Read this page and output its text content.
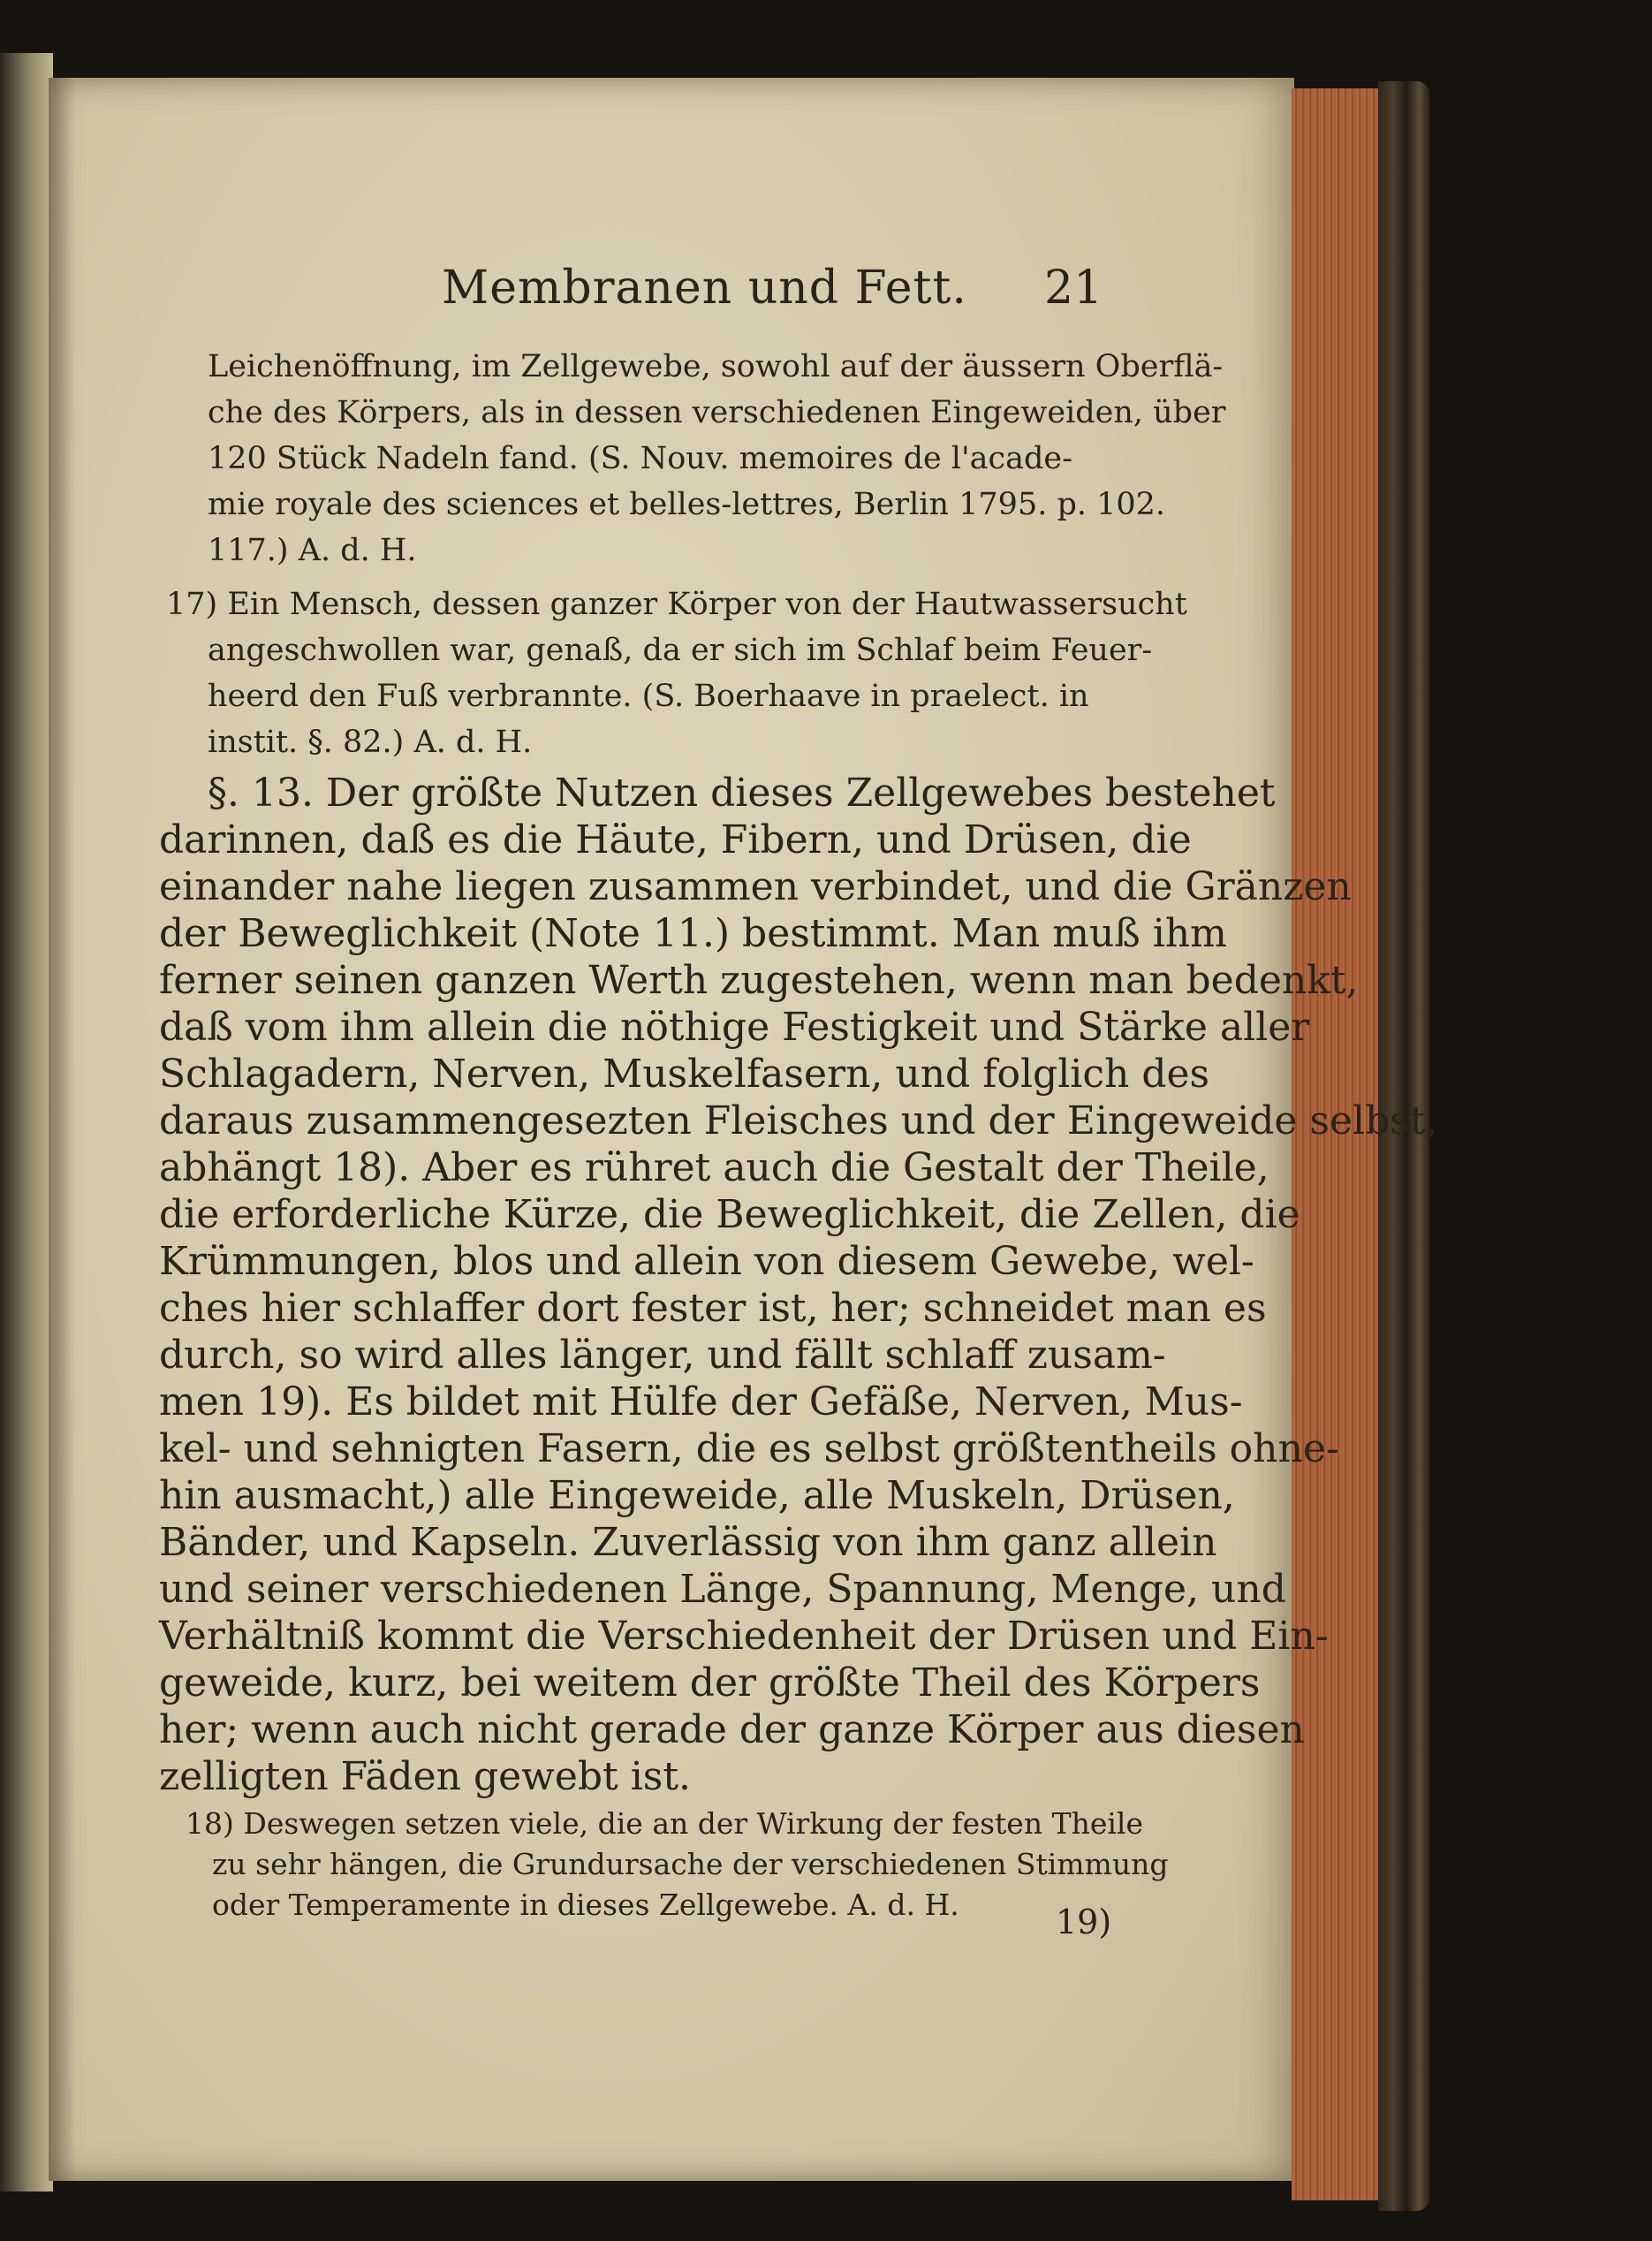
Membranen und Fett. 21
Leichenöffnung, im Zellgewebe, sowohl auf der äussern Oberflä-
che des Körpers, als in dessen verschiedenen Eingeweiden, über
120 Stück Nadeln fand. (S. Nouv. memoires de l'acade-
mie royale des sciences et belles-lettres, Berlin 1795. p. 102.
117.) A. d. H.
17) Ein Mensch, dessen ganzer Körper von der Hautwassersucht
angeschwollen war, genaß, da er sich im Schlaf beim Feuer-
heerd den Fuß verbrannte. (S. Boerhaave in praelect. in
instit. §. 82.) A. d. H.
§. 13. Der größte Nutzen dieses Zellgewebes bestehet
darinnen, daß es die Häute, Fibern, und Drüsen, die
einander nahe liegen zusammen verbindet, und die Gränzen
der Beweglichkeit (Note 11.) bestimmt. Man muß ihm
ferner seinen ganzen Werth zugestehen, wenn man bedenkt,
daß vom ihm allein die nöthige Festigkeit und Stärke aller
Schlagadern, Nerven, Muskelfasern, und folglich des
daraus zusammengesezten Fleisches und der Eingeweide selbst,
abhängt 18). Aber es rühret auch die Gestalt der Theile,
die erforderliche Kürze, die Beweglichkeit, die Zellen, die
Krümmungen, blos und allein von diesem Gewebe, wel-
ches hier schlaffer dort fester ist, her; schneidet man es
durch, so wird alles länger, und fällt schlaff zusam-
men 19). Es bildet mit Hülfe der Gefäße, Nerven, Mus-
kel- und sehnigten Fasern, die es selbst größtentheils ohne-
hin ausmacht,) alle Eingeweide, alle Muskeln, Drüsen,
Bänder, und Kapseln. Zuverlässig von ihm ganz allein
und seiner verschiedenen Länge, Spannung, Menge, und
Verhältniß kommt die Verschiedenheit der Drüsen und Ein-
geweide, kurz, bei weitem der größte Theil des Körpers
her; wenn auch nicht gerade der ganze Körper aus diesen
zelligten Fäden gewebt ist.
18) Deswegen setzen viele, die an der Wirkung der festen Theile
zu sehr hängen, die Grundursache der verschiedenen Stimmung
oder Temperamente in dieses Zellgewebe. A. d. H.	19)
